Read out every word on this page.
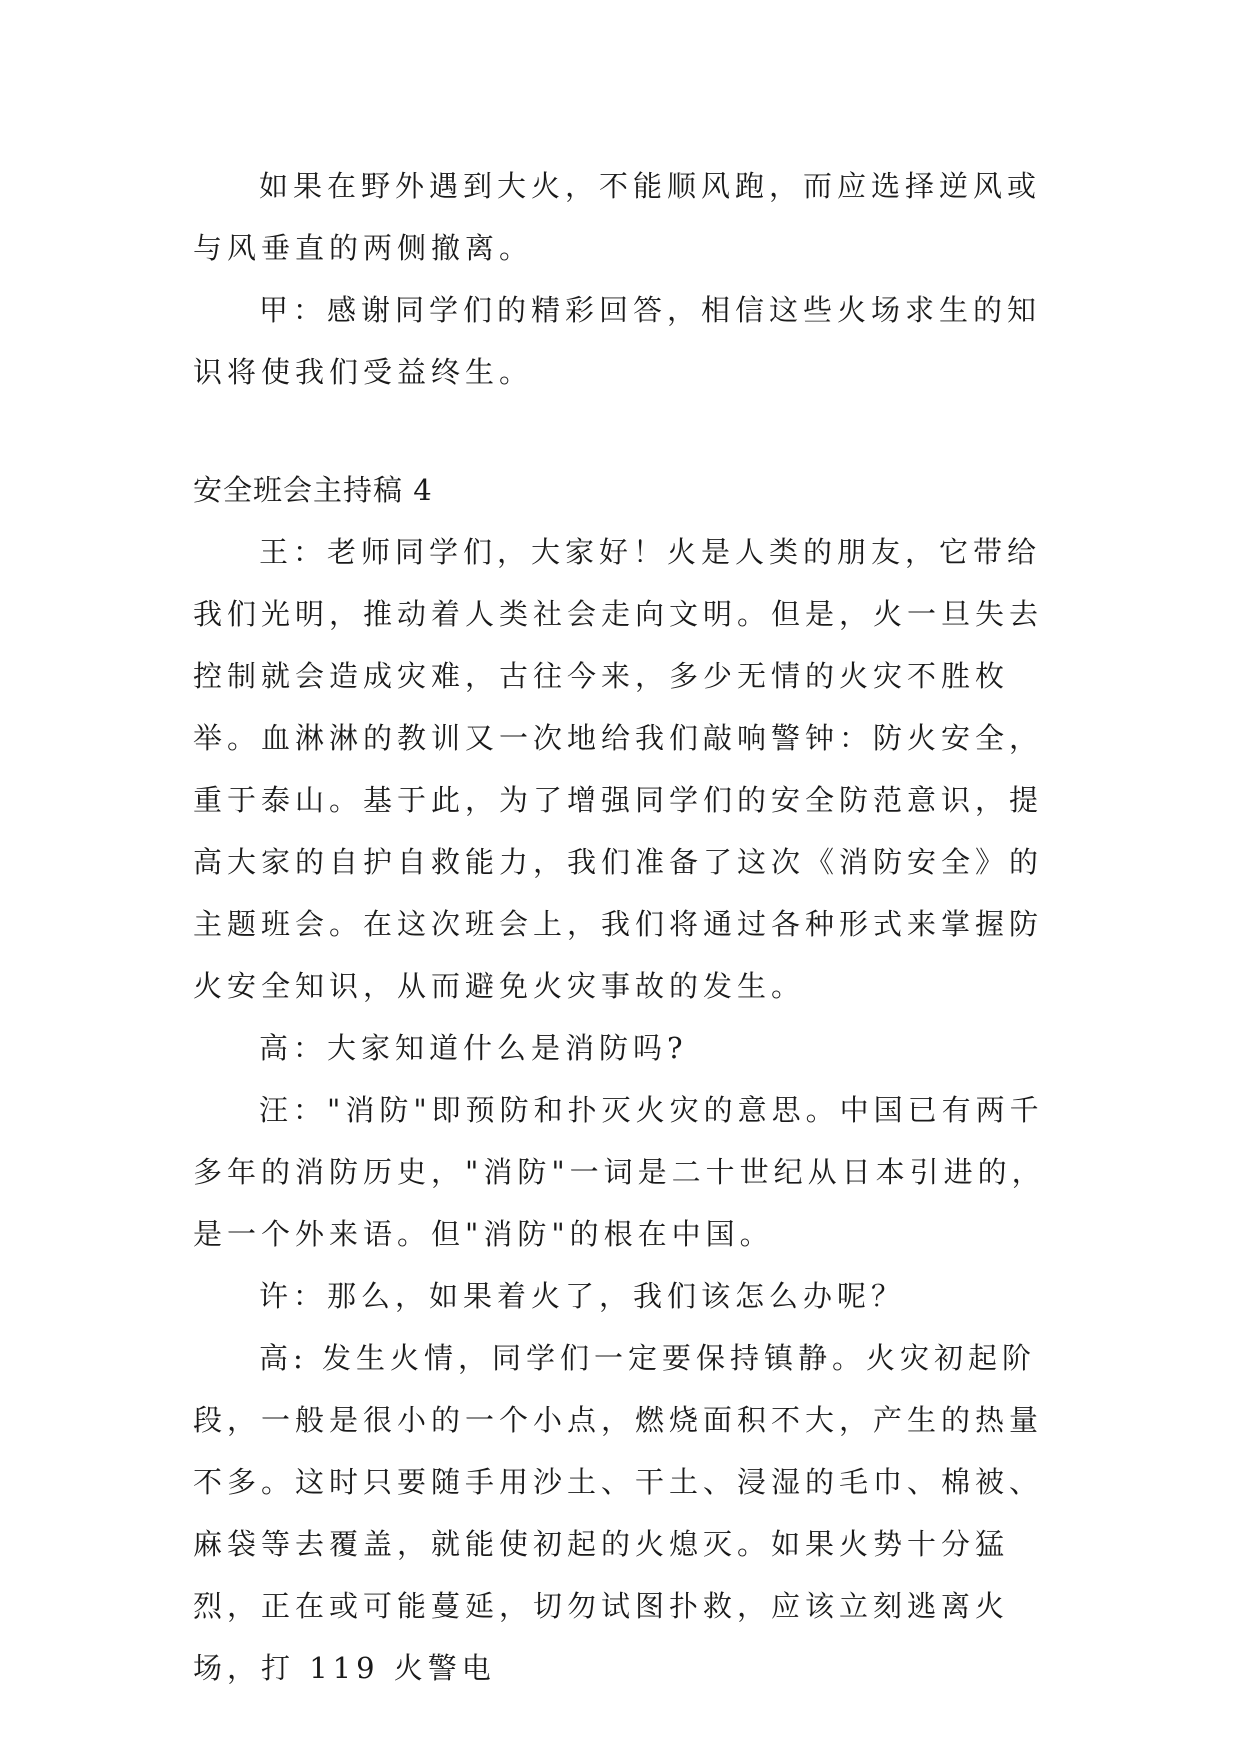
如果在野外遇到大火，不能顺风跑，而应选择逆风或与风垂直的两侧撤离。

甲：感谢同学们的精彩回答，相信这些火场求生的知识将使我们受益终生。

安全班会主持稿 4

王：老师同学们，大家好！火是人类的朋友，它带给我们光明，推动着人类社会走向文明。但是，火一旦失去控制就会造成灾难，古往今来，多少无情的火灾不胜枚举。血淋淋的教训又一次地给我们敲响警钟：防火安全，重于泰山。基于此，为了增强同学们的安全防范意识，提高大家的自护自救能力，我们准备了这次《消防安全》的主题班会。在这次班会上，我们将通过各种形式来掌握防火安全知识，从而避免火灾事故的发生。

高：大家知道什么是消防吗?

汪："消防"即预防和扑灭火灾的意思。中国已有两千多年的消防历史，"消防"一词是二十世纪从日本引进的，是一个外来语。但"消防"的根在中国。

许：那么，如果着火了，我们该怎么办呢？

高: 发生火情，同学们一定要保持镇静。火灾初起阶段，一般是很小的一个小点，燃烧面积不大，产生的热量不多。这时只要随手用沙土、干土、浸湿的毛巾、棉被、麻袋等去覆盖，就能使初起的火熄灭。如果火势十分猛烈，正在或可能蔓延，切勿试图扑救，应该立刻逃离火场，打 119 火警电
